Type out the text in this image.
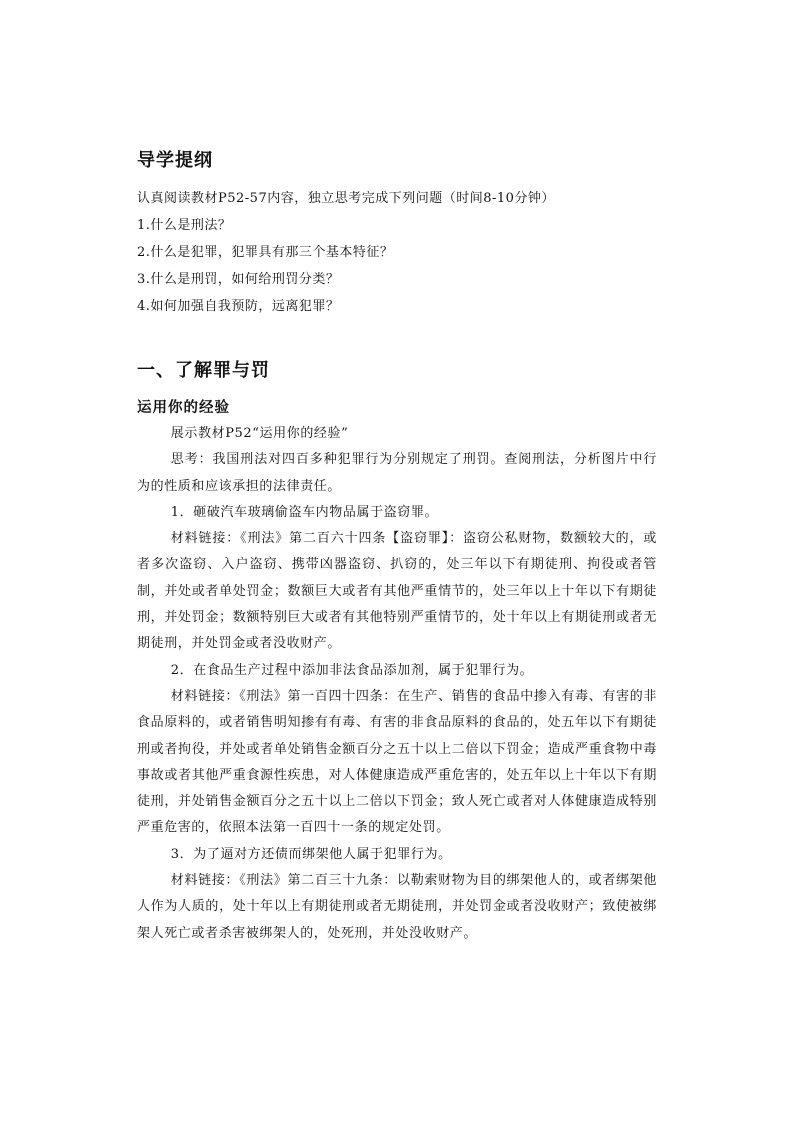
导学提纲
认真阅读教材P52-57内容，独立思考完成下列问题（时间8-10分钟）
1.什么是刑法？
2.什么是犯罪，犯罪具有那三个基本特征？
3.什么是刑罚，如何给刑罚分类？
4.如何加强自我预防，远离犯罪？
一、了解罪与罚
运用你的经验

展示教材P52“运用你的经验”

思考：我国刑法对四百多种犯罪行为分别规定了刑罚。查阅刑法，分析图片中行为的性质和应该承担的法律责任。

1．砸破汽车玻璃偷盗车内物品属于盗窃罪。

材料链接：《刑法》第二百六十四条【盗窃罪】：盗窃公私财物，数额较大的，或者多次盗窃、入户盗窃、携带凶器盗窃、扒窃的，处三年以下有期徒刑、拘役或者管制，并处或者单处罚金；数额巨大或者有其他严重情节的，处三年以上十年以下有期徒刑，并处罚金；数额特别巨大或者有其他特别严重情节的，处十年以上有期徒刑或者无期徒刑，并处罚金或者没收财产。

2．在食品生产过程中添加非法食品添加剂，属于犯罪行为。

材料链接：《刑法》第一百四十四条：在生产、销售的食品中掺入有毒、有害的非食品原料的，或者销售明知掺有有毒、有害的非食品原料的食品的，处五年以下有期徒刑或者拘役，并处或者单处销售金额百分之五十以上二倍以下罚金；造成严重食物中毒事故或者其他严重食源性疾患，对人体健康造成严重危害的，处五年以上十年以下有期徒刑，并处销售金额百分之五十以上二倍以下罚金；致人死亡或者对人体健康造成特别严重危害的，依照本法第一百四十一条的规定处罚。

3．为了逼对方还债而绑架他人属于犯罪行为。

材料链接：《刑法》第二百三十九条：以勒索财物为目的绑架他人的，或者绑架他人作为人质的，处十年以上有期徒刑或者无期徒刑，并处罚金或者没收财产；致使被绑架人死亡或者杀害被绑架人的，处死刑，并处没收财产。
